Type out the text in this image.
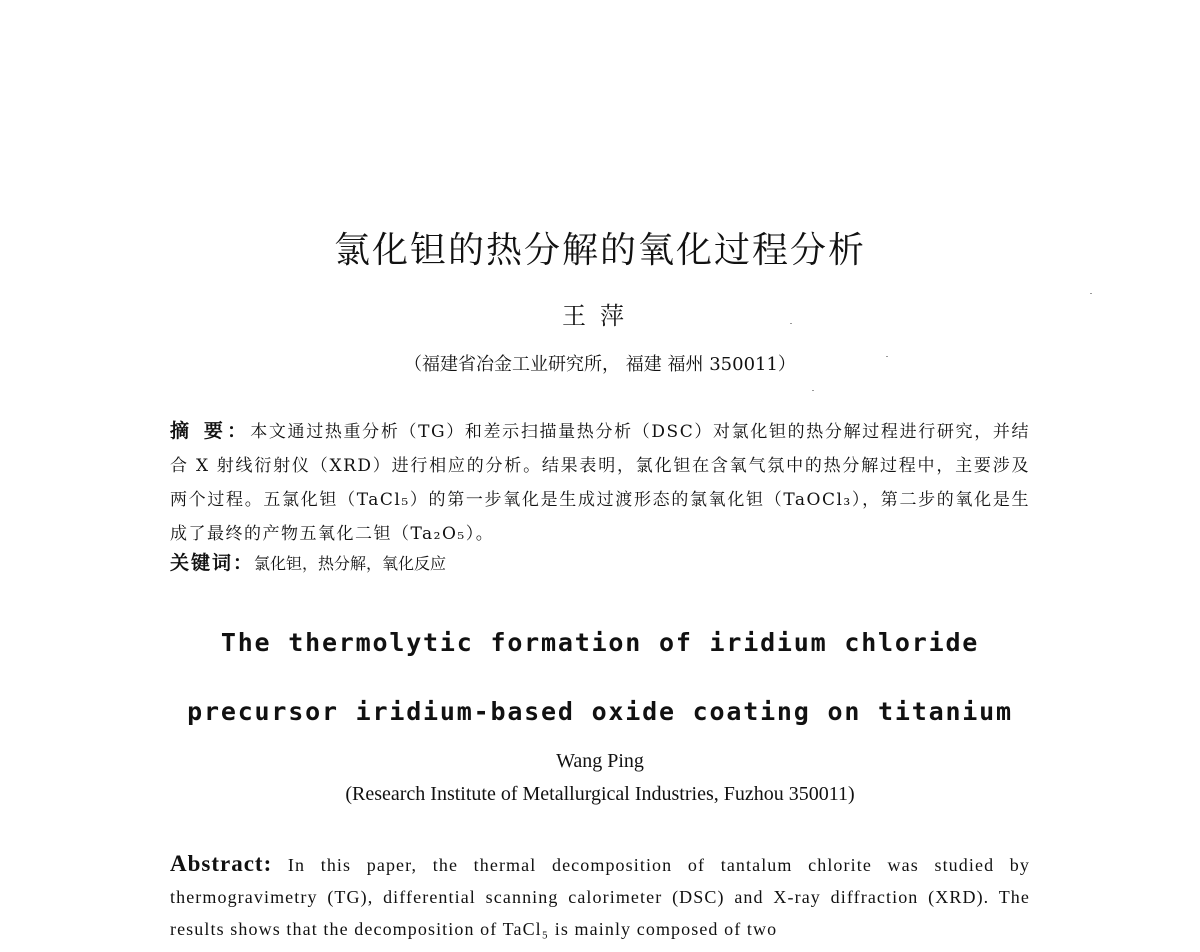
氯化钽的热分解的氧化过程分析
王萍
（福建省冶金工业研究所， 福建 福州 350011）
摘 要：本文通过热重分析（TG）和差示扫描量热分析（DSC）对氯化钽的热分解过程进行研究，并结合 X 射线衍射仪（XRD）进行相应的分析。结果表明，氯化钽在含氧气氛中的热分解过程中，主要涉及两个过程。五氯化钽（TaCl₅）的第一步氧化是生成过渡形态的氯氧化钽（TaOCl₃），第二步的氧化是生成了最终的产物五氧化二钽（Ta₂O₅）。
关键词：氯化钽，热分解，氧化反应
The thermolytic formation of iridium chloride
precursor iridium-based oxide coating on titanium
Wang Ping
(Research Institute of Metallurgical Industries, Fuzhou 350011)
Abstract: In this paper, the thermal decomposition of tantalum chlorite was studied by thermogravimetry (TG), differential scanning calorimeter (DSC) and X-ray diffraction (XRD). The results shows that the decomposition of TaCl₅ is mainly composed of two
